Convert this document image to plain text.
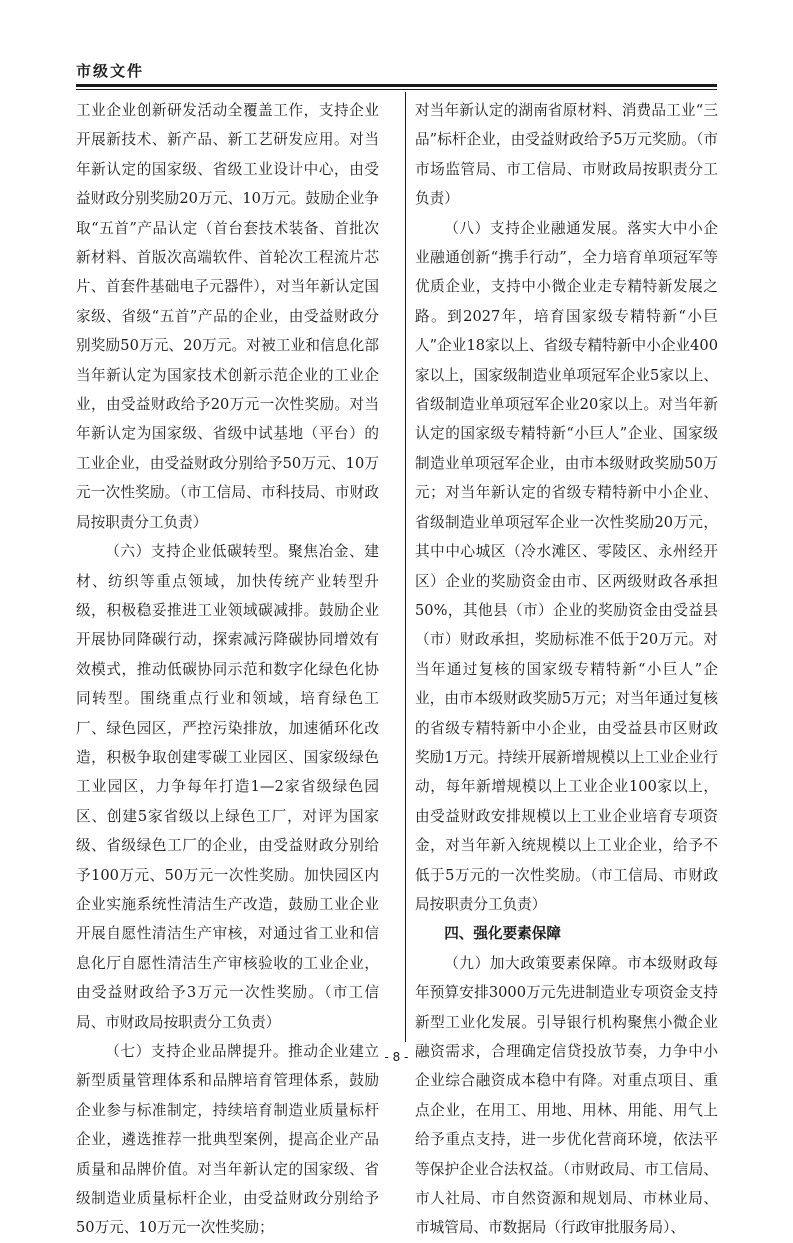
市级文件

工业企业创新研发活动全覆盖工作，支持企业开展新技术、新产品、新工艺研发应用。对当年新认定的国家级、省级工业设计中心，由受益财政分别奖励20万元、10万元。鼓励企业争取“五首”产品认定（首台套技术装备、首批次新材料、首版次高端软件、首轮次工程流片芯片、首套件基础电子元器件），对当年新认定国家级、省级“五首”产品的企业，由受益财政分别奖励50万元、20万元。对被工业和信息化部当年新认定为国家技术创新示范企业的工业企业，由受益财政给予20万元一次性奖励。对当年新认定为国家级、省级中试基地（平台）的工业企业，由受益财政分别给予50万元、10万元一次性奖励。（市工信局、市科技局、市财政局按职责分工负责）

（六）支持企业低碳转型。聚焦冶金、建材、纺织等重点领域，加快传统产业转型升级，积极稳妥推进工业领域碳减排。鼓励企业开展协同降碳行动，探索减污降碳协同增效有效模式，推动低碳协同示范和数字化绿色化协同转型。围绕重点行业和领域，培育绿色工厂、绿色园区，严控污染排放，加速循环化改造，积极争取创建零碳工业园区、国家级绿色工业园区，力争每年打造1—2家省级绿色园区、创建5家省级以上绿色工厂，对评为国家级、省级绿色工厂的企业，由受益财政分别给予100万元、50万元一次性奖励。加快园区内企业实施系统性清洁生产改造，鼓励工业企业开展自愿性清洁生产审核，对通过省工业和信息化厅自愿性清洁生产审核验收的工业企业，由受益财政给予3万元一次性奖励。（市工信局、市财政局按职责分工负责）

（七）支持企业品牌提升。推动企业建立新型质量管理体系和品牌培育管理体系，鼓励企业参与标准制定，持续培育制造业质量标杆企业，遴选推荐一批典型案例，提高企业产品质量和品牌价值。对当年新认定的国家级、省级制造业质量标杆企业，由受益财政分别给予50万元、10万元一次性奖励；

对当年新认定的湖南省原材料、消费品工业“三品”标杆企业，由受益财政给予5万元奖励。（市市场监管局、市工信局、市财政局按职责分工负责）

（八）支持企业融通发展。落实大中小企业融通创新“携手行动”，全力培育单项冠军等优质企业，支持中小微企业走专精特新发展之路。到2027年，培育国家级专精特新“小巨人”企业18家以上、省级专精特新中小企业400家以上，国家级制造业单项冠军企业5家以上、省级制造业单项冠军企业20家以上。对当年新认定的国家级专精特新“小巨人”企业、国家级制造业单项冠军企业，由市本级财政奖励50万元；对当年新认定的省级专精特新中小企业、省级制造业单项冠军企业一次性奖励20万元，其中中心城区（冷水滩区、零陵区、永州经开区）企业的奖励资金由市、区两级财政各承担50%，其他县（市）企业的奖励资金由受益县（市）财政承担，奖励标准不低于20万元。对当年通过复核的国家级专精特新“小巨人”企业，由市本级财政奖励5万元；对当年通过复核的省级专精特新中小企业，由受益县市区财政奖励1万元。持续开展新增规模以上工业企业行动，每年新增规模以上工业企业100家以上，由受益财政安排规模以上工业企业培育专项资金，对当年新入统规模以上工业企业，给予不低于5万元的一次性奖励。（市工信局、市财政局按职责分工负责）

四、强化要素保障

（九）加大政策要素保障。市本级财政每年预算安排3000万元先进制造业专项资金支持新型工业化发展。引导银行机构聚焦小微企业融资需求，合理确定信贷投放节奏，力争中小企业综合融资成本稳中有降。对重点项目、重点企业，在用工、用地、用林、用能、用气上给予重点支持，进一步优化营商环境，依法平等保护企业合法权益。（市财政局、市工信局、市人社局、市自然资源和规划局、市林业局、市城管局、市数据局（行政审批服务局）、

- 8 -
